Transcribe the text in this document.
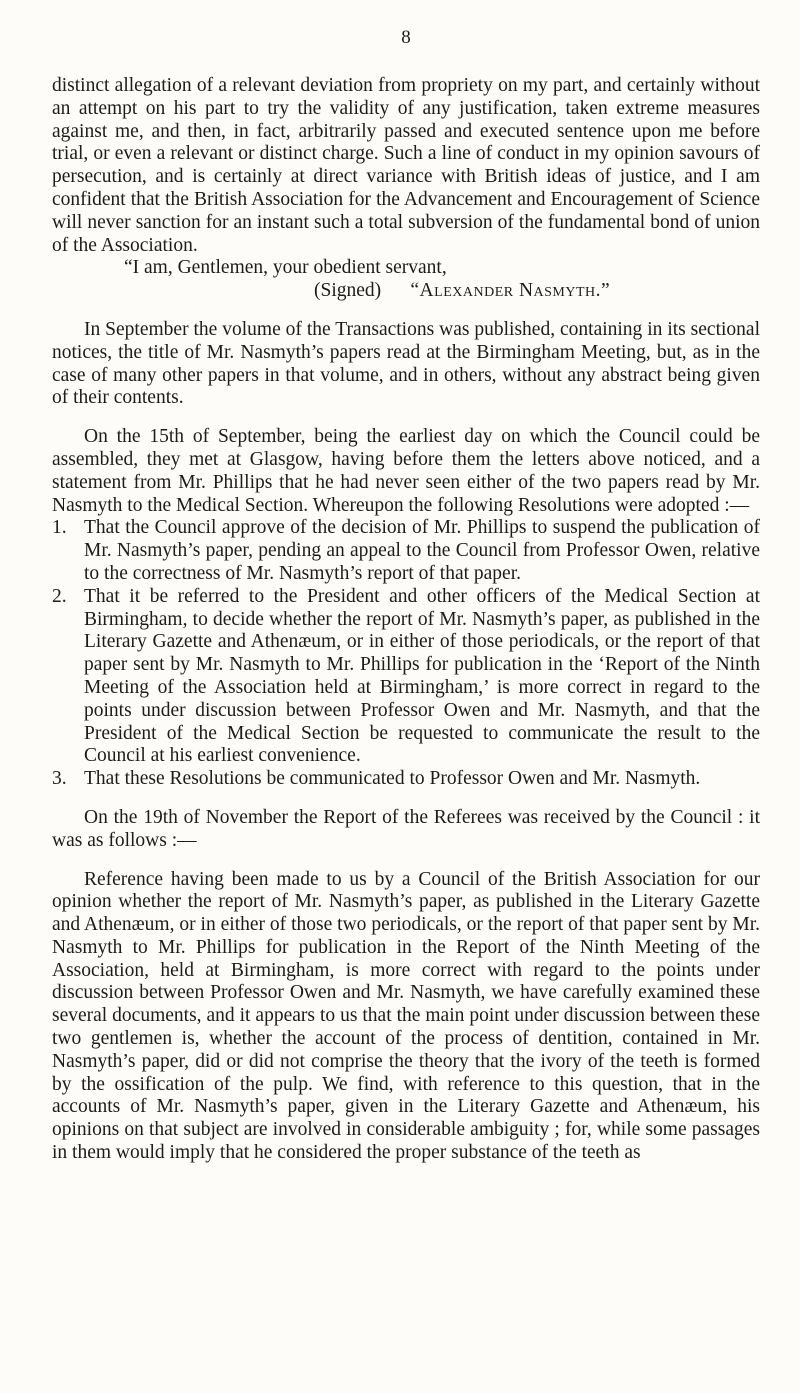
8

distinct allegation of a relevant deviation from propriety on my part, and certainly without an attempt on his part to try the validity of any justification, taken extreme measures against me, and then, in fact, arbitrarily passed and executed sentence upon me before trial, or even a relevant or distinct charge. Such a line of conduct in my opinion savours of persecution, and is certainly at direct variance with British ideas of justice, and I am confident that the British Association for the Advancement and Encouragement of Science will never sanction for an instant such a total subversion of the fundamental bond of union of the Association.

“I am, Gentlemen, your obedient servant,
(Signed) “Alexander Nasmyth.”

In September the volume of the Transactions was published, containing in its sectional notices, the title of Mr. Nasmyth’s papers read at the Birmingham Meeting, but, as in the case of many other papers in that volume, and in others, without any abstract being given of their contents.

On the 15th of September, being the earliest day on which the Council could be assembled, they met at Glasgow, having before them the letters above noticed, and a statement from Mr. Phillips that he had never seen either of the two papers read by Mr. Nasmyth to the Medical Section. Whereupon the following Resolutions were adopted :—

1. That the Council approve of the decision of Mr. Phillips to suspend the publication of Mr. Nasmyth’s paper, pending an appeal to the Council from Professor Owen, relative to the correctness of Mr. Nasmyth’s report of that paper.
2. That it be referred to the President and other officers of the Medical Section at Birmingham, to decide whether the report of Mr. Nasmyth’s paper, as published in the Literary Gazette and Athenæum, or in either of those periodicals, or the report of that paper sent by Mr. Nasmyth to Mr. Phillips for publication in the ‘Report of the Ninth Meeting of the Association held at Birmingham,’ is more correct in regard to the points under discussion between Professor Owen and Mr. Nasmyth, and that the President of the Medical Section be requested to communicate the result to the Council at his earliest convenience.
3. That these Resolutions be communicated to Professor Owen and Mr. Nasmyth.

On the 19th of November the Report of the Referees was received by the Council : it was as follows :—

Reference having been made to us by a Council of the British Association for our opinion whether the report of Mr. Nasmyth’s paper, as published in the Literary Gazette and Athenæum, or in either of those two periodicals, or the report of that paper sent by Mr. Nasmyth to Mr. Phillips for publication in the Report of the Ninth Meeting of the Association, held at Birmingham, is more correct with regard to the points under discussion between Professor Owen and Mr. Nasmyth, we have carefully examined these several documents, and it appears to us that the main point under discussion between these two gentlemen is, whether the account of the process of dentition, contained in Mr. Nasmyth’s paper, did or did not comprise the theory that the ivory of the teeth is formed by the ossification of the pulp. We find, with reference to this question, that in the accounts of Mr. Nasmyth’s paper, given in the Literary Gazette and Athenæum, his opinions on that subject are involved in considerable ambiguity ; for, while some passages in them would imply that he considered the proper substance of the teeth as
